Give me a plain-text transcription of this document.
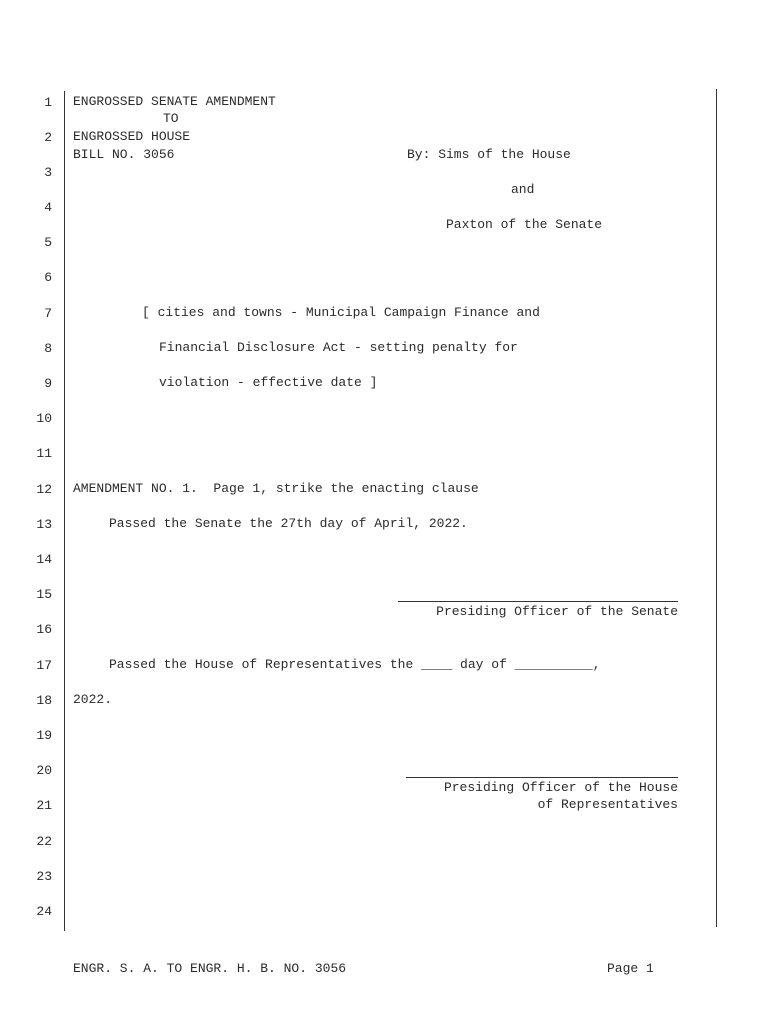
1
2
3
4
5
6
7
8
9
10
11
12
13
14
15
16
17
18
19
20
21
22
23
24
ENGROSSED SENATE AMENDMENT
TO
ENGROSSED HOUSE
BILL NO. 3056	By: Sims of the House
and
Paxton of the Senate
[ cities and towns - Municipal Campaign Finance and
Financial Disclosure Act - setting penalty for
violation - effective date ]
AMENDMENT NO. 1.  Page 1, strike the enacting clause
Passed the Senate the 27th day of April, 2022.
Presiding Officer of the Senate
Passed the House of Representatives the ____ day of __________,
2022.
Presiding Officer of the House
of Representatives
ENGR. S. A. TO ENGR. H. B. NO. 3056	Page 1
